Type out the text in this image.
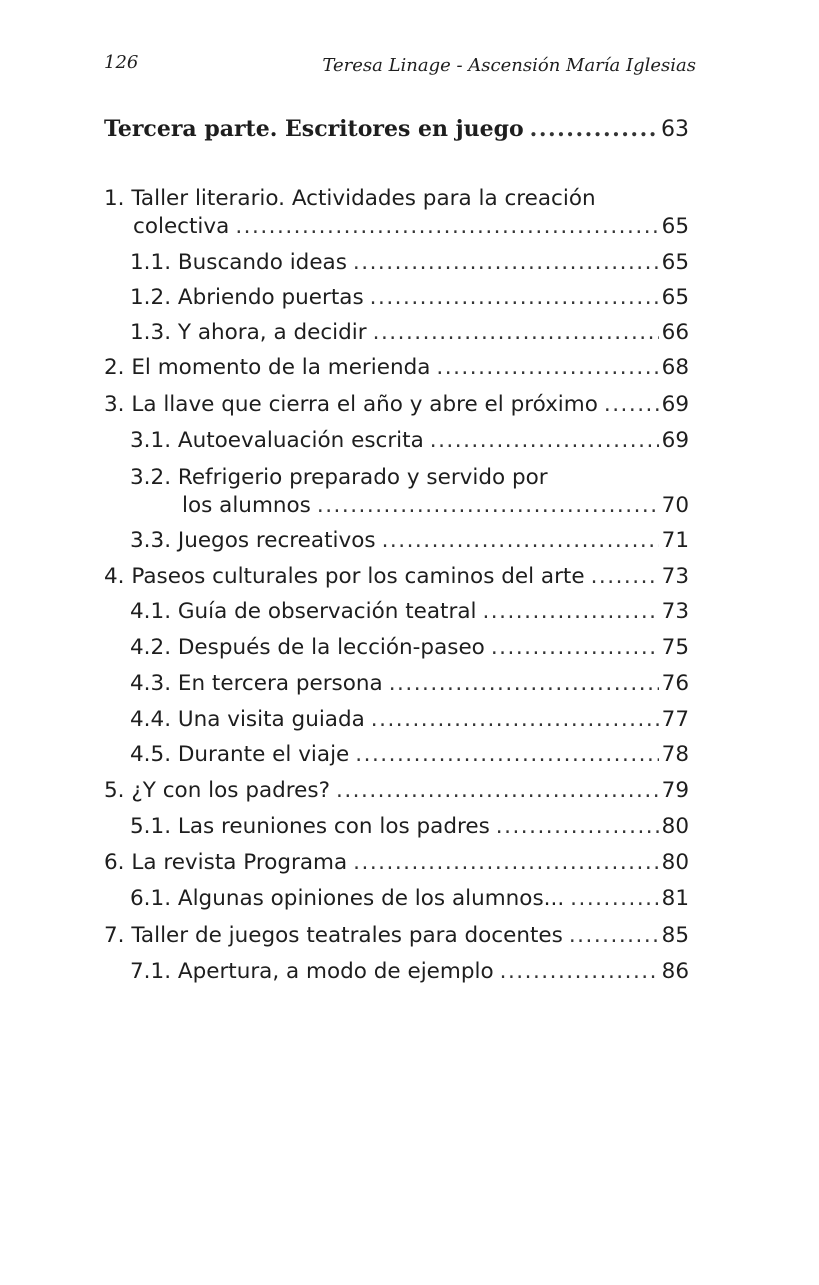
126	Teresa Linage - Ascensión María Iglesias
Tercera parte. Escritores en juego .....	63
1. Taller literario. Actividades para la creación
colectiva .....	65
1.1. Buscando ideas .....	65
1.2. Abriendo puertas .....	65
1.3. Y ahora, a decidir .....	66
2. El momento de la merienda .....	68
3. La llave que cierra el año y abre el próximo .....	69
3.1. Autoevaluación escrita .....	69
3.2. Refrigerio preparado y servido por
los alumnos .....	70
3.3. Juegos recreativos .....	71
4. Paseos culturales por los caminos del arte .....	73
4.1. Guía de observación teatral .....	73
4.2. Después de la lección-paseo .....	75
4.3. En tercera persona .....	76
4.4. Una visita guiada .....	77
4.5. Durante el viaje .....	78
5. ¿Y con los padres? .....	79
5.1. Las reuniones con los padres .....	80
6. La revista Programa .....	80
6.1. Algunas opiniones de los alumnos... .....	81
7. Taller de juegos teatrales para docentes .....	85
7.1. Apertura, a modo de ejemplo .....	86
